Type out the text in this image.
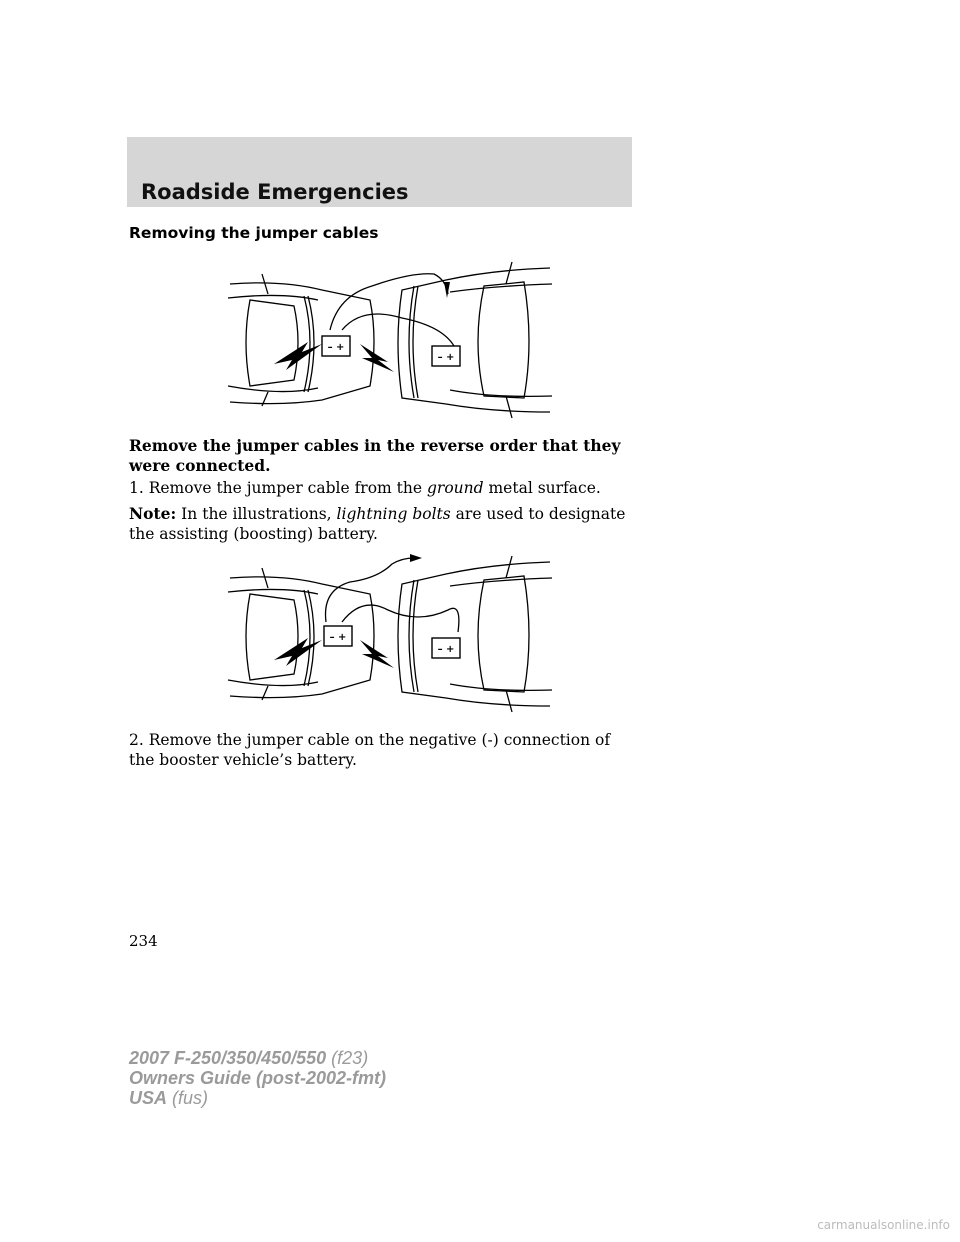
Roadside Emergencies
Removing the jumper cables
– +
– +
Remove the jumper cables in the reverse order that they were connected.
1. Remove the jumper cable from the ground metal surface.
Note: In the illustrations, lightning bolts are used to designate the assisting (boosting) battery.
– +
– +
2. Remove the jumper cable on the negative (-) connection of the booster vehicle’s battery.
234
2007 F-250/350/450/550 (f23)
Owners Guide (post-2002-fmt)
USA (fus)
carmanualsonline.info
